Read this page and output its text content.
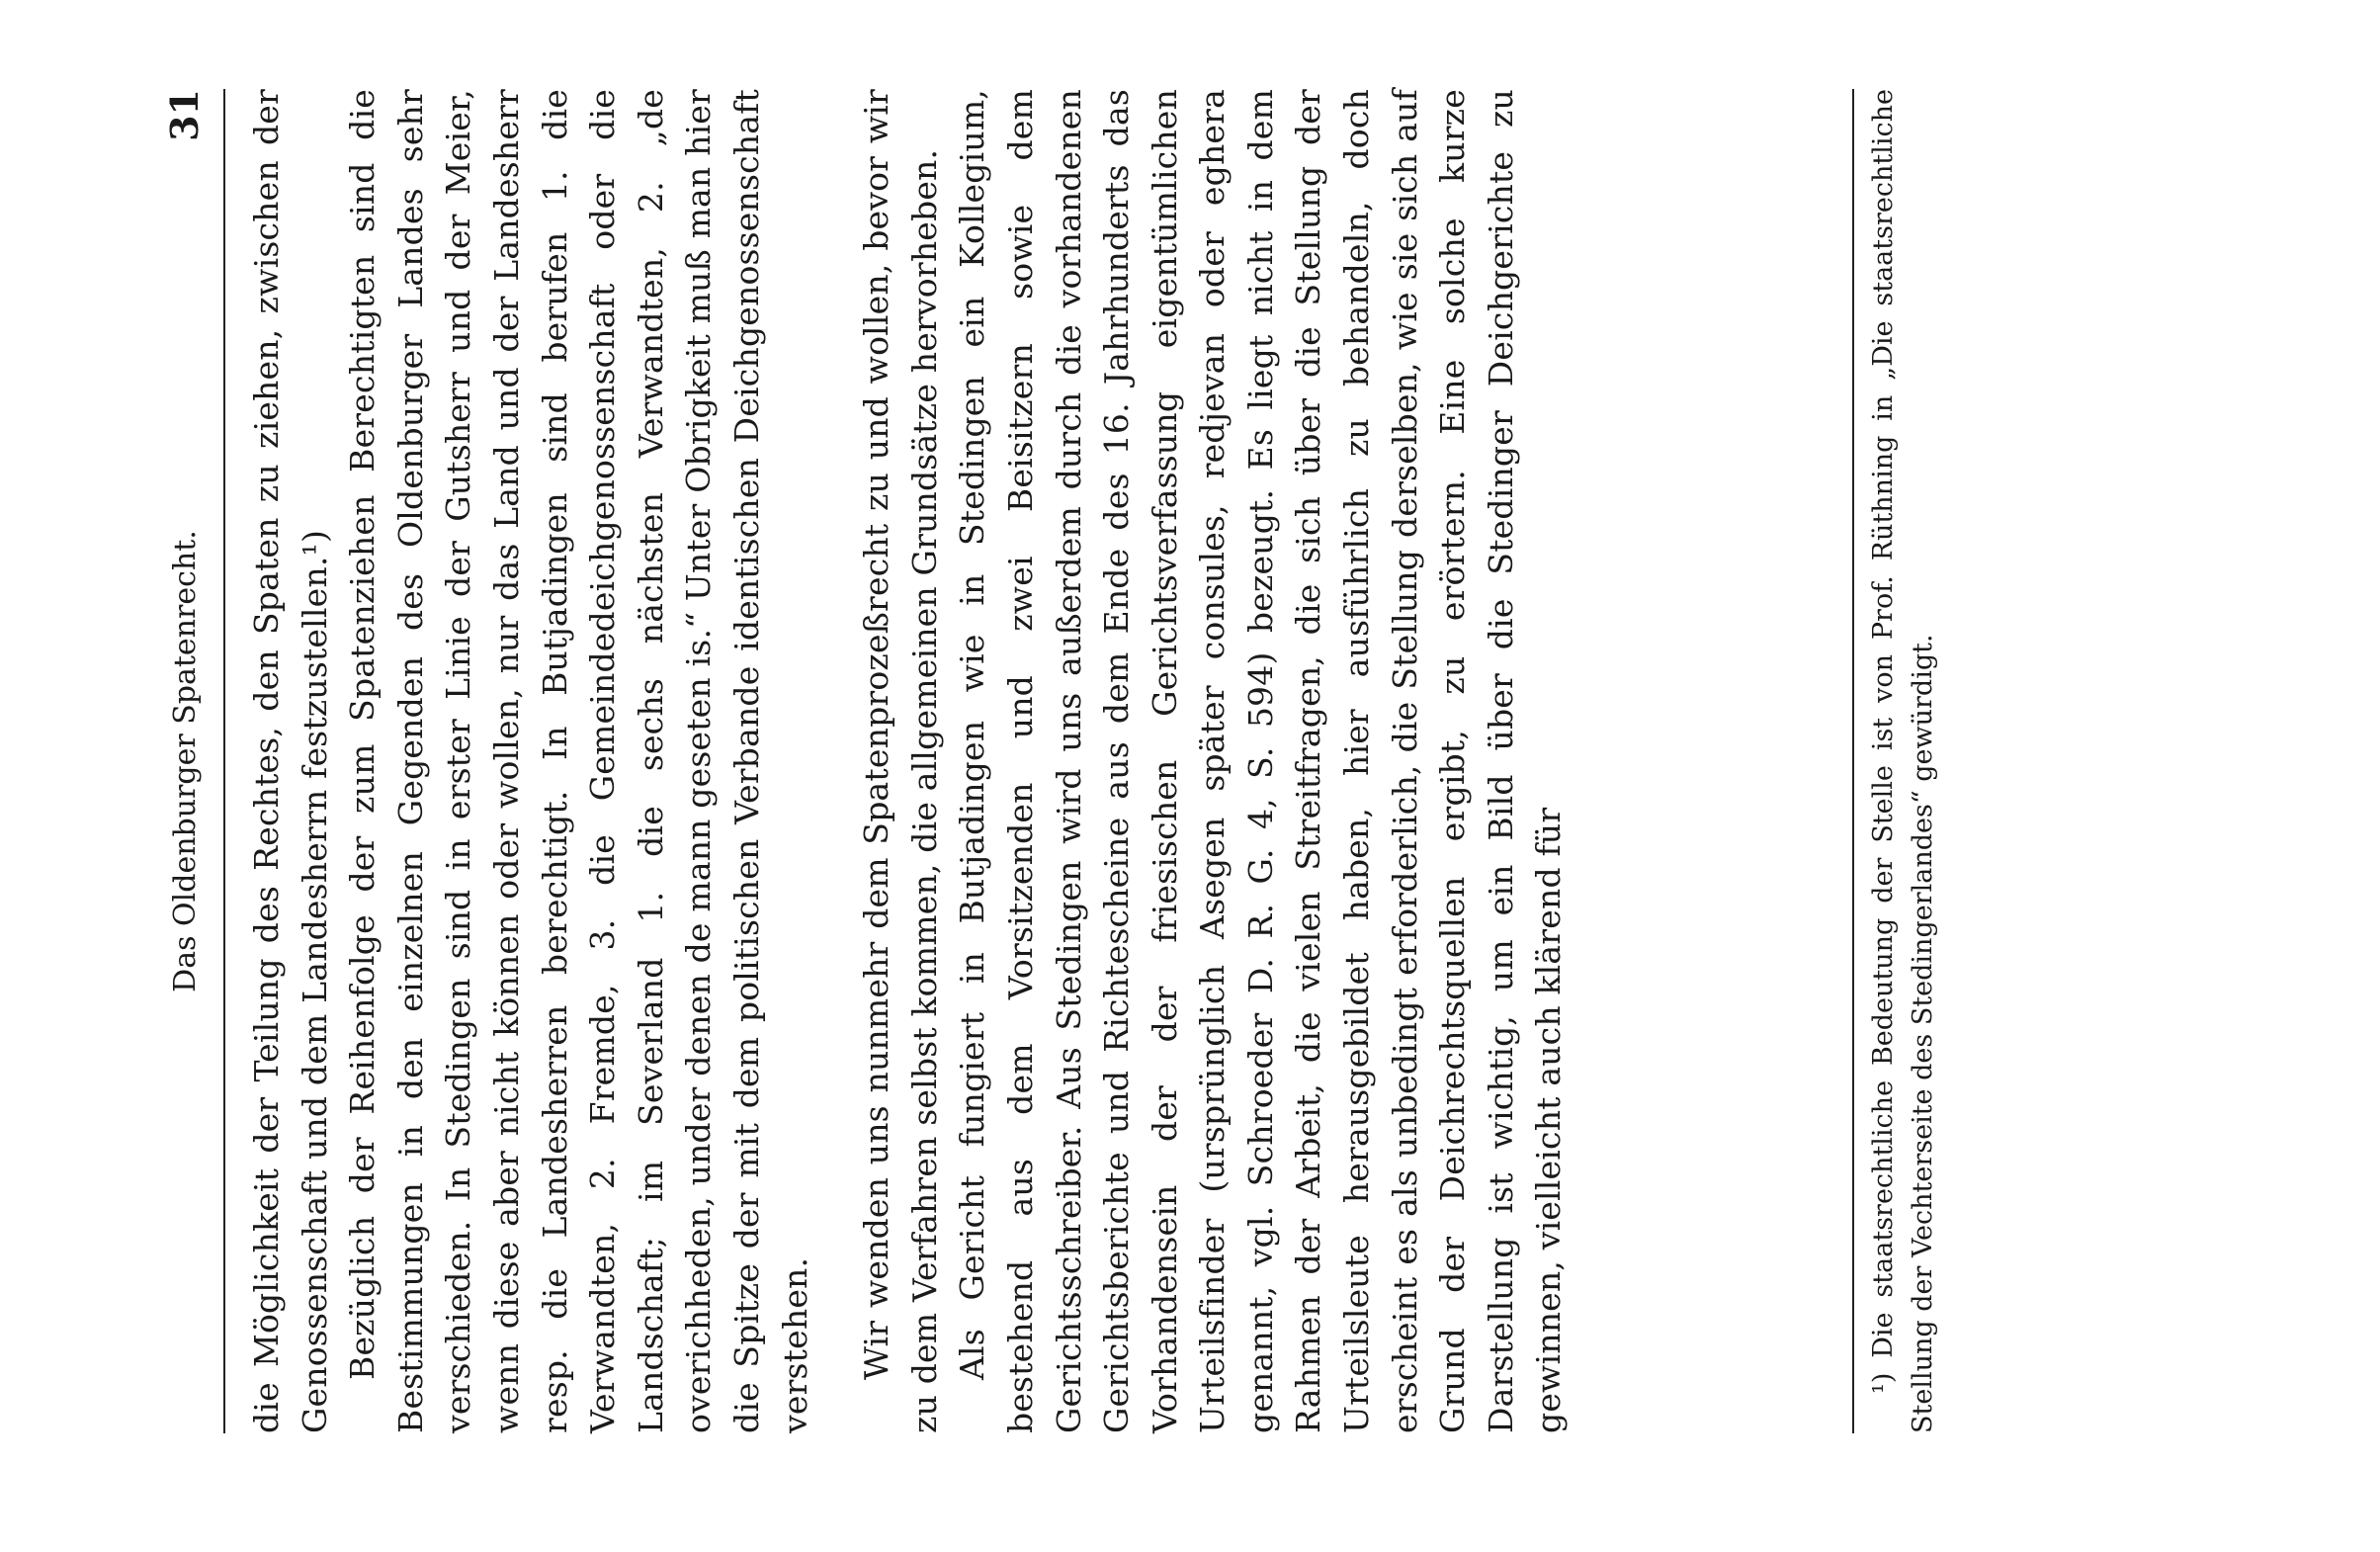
Das Oldenburger Spatenrecht.
31 die Möglichkeit der Teilung des Rechtes, den Spaten zu ziehen, zwischen der Genossenschaft und dem Landesherrn festzustellen.¹) Bezüglich der Reihenfolge der zum Spatenziehen Berechtigten sind die Bestimmungen in den einzelnen Gegenden des Oldenburger Landes sehr verschieden. In Stedingen sind in erster Linie der Gutsherr und der Meier, wenn diese aber nicht können oder wollen, nur das Land und der Landesherr resp. die Landesherren berechtigt. In Butjadingen sind berufen 1. die Verwandten, 2. Fremde, 3. die Gemeindedeichgenossenschaft oder die Landschaft; im Severland 1. die sechs nächsten Verwandten, 2. „de overichheden, under denen de mann geseten is.“ Unter Obrigkeit muß man hier die Spitze der mit dem politischen Verbande identischen Deichgenossenschaft verstehen. Wir wenden uns nunmehr dem Spatenprozeßrecht zu und wollen, bevor wir zu dem Verfahren selbst kommen, die allgemeinen Grundsätze hervorheben. Als Gericht fungiert in Butjadingen wie in Stedingen ein Kollegium, bestehend aus dem Vorsitzenden und zwei Beisitzern sowie dem Gerichtsschreiber. Aus Stedingen wird uns außerdem durch die vorhandenen Gerichtsberichte und Richtescheine aus dem Ende des 16. Jahrhunderts das Vorhandensein der der friesischen Gerichtsverfassung eigentümlichen Urteilsfinder (ursprünglich Asegen später consules, redjevan oder eghera genannt, vgl. Schroeder D. R. G. 4, S. 594) bezeugt. Es liegt nicht in dem Rahmen der Arbeit, die vielen Streitfragen, die sich über die Stellung der Urteilsleute herausgebildet haben, hier ausführlich zu behandeln, doch erscheint es als unbedingt erforderlich, die Stellung derselben, wie sie sich auf Grund der Deichrechtsquellen ergibt, zu erörtern. Eine solche kurze Darstellung ist wichtig, um ein Bild über die Stedinger Deichgerichte zu gewinnen, vielleicht auch klärend für	¹) Die staatsrechtliche Bedeutung der Stelle ist von Prof. Rüthning in „Die staatsrechtliche Stellung der Vechterseite des Stedingerlandes“ gewürdigt.
